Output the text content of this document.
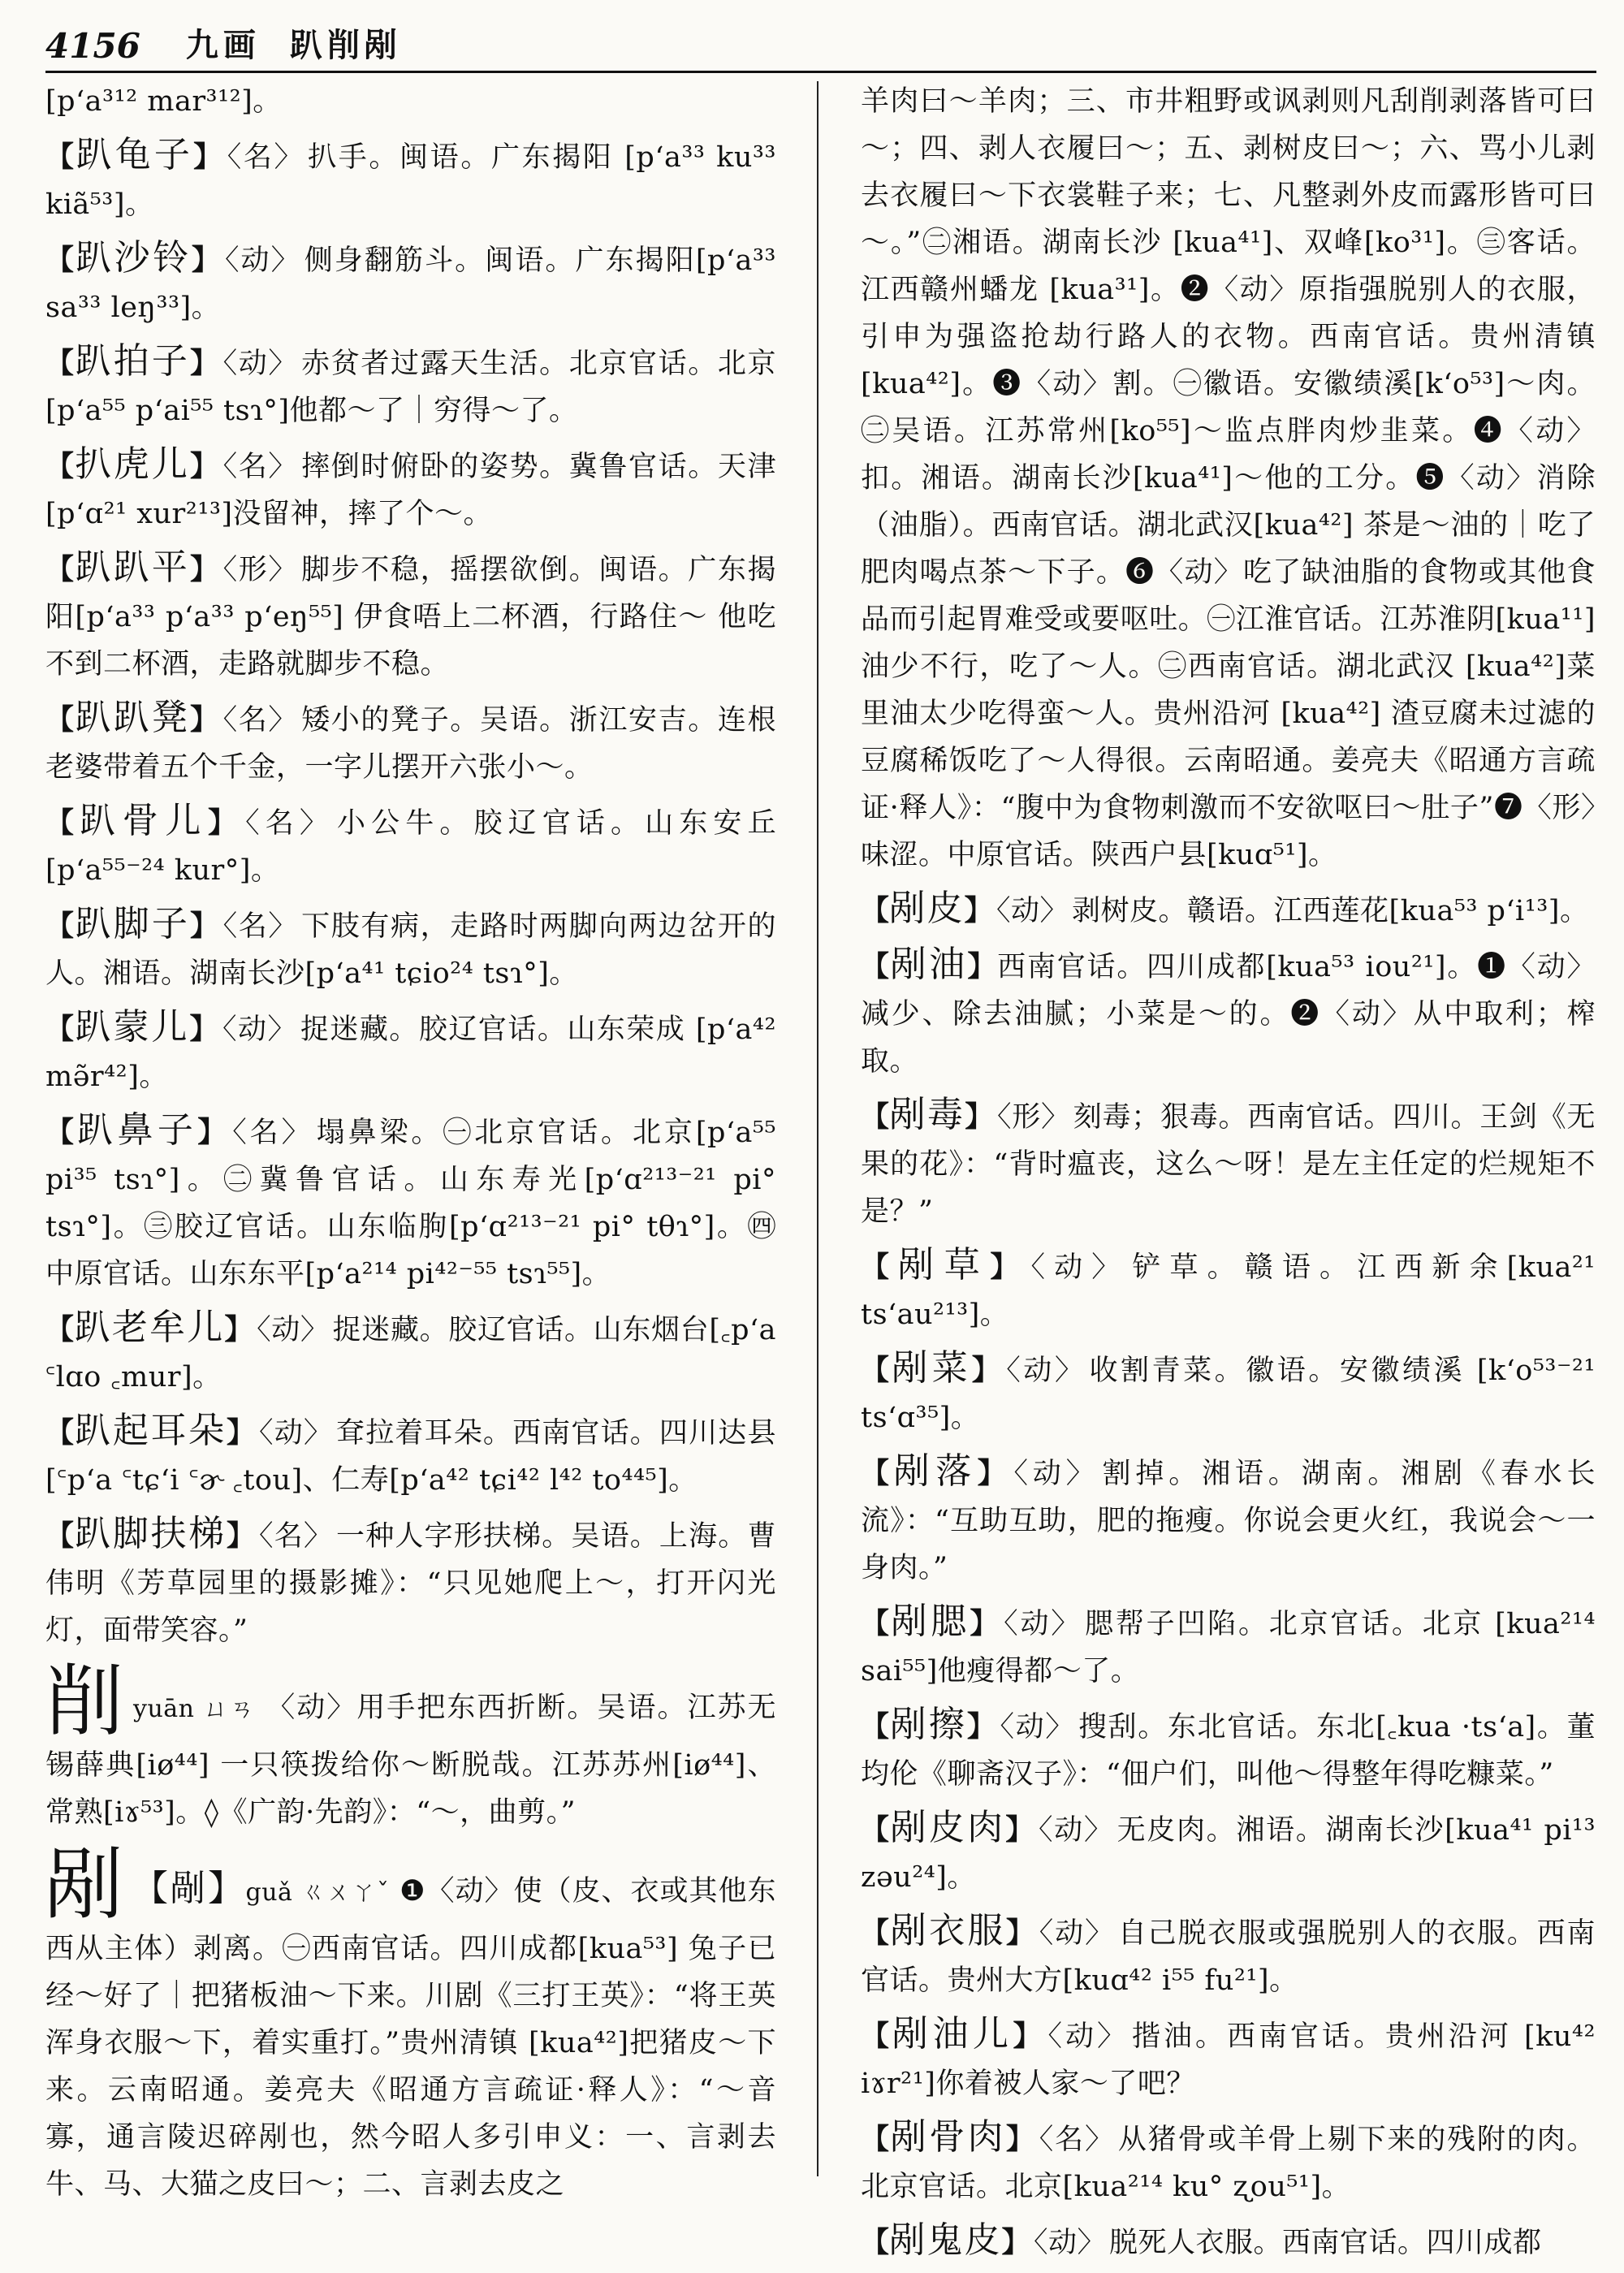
4156 九画 趴削剐

[p‘a³¹² mar³¹²]。

【趴龟子】 〈名〉 扒手。闽语。广东揭阳 [p‘a³³ ku³³ kiã⁵³]。

【趴沙铃】 〈动〉 侧身翻筋斗。闽语。广东揭阳[p‘a³³ sa³³ leŋ³³]。

【趴拍子】 〈动〉 赤贫者过露天生活。北京官话。北京[p‘a⁵⁵ p‘ai⁵⁵ tsɿ°]他都～了｜穷得～了。

【扒虎儿】 〈名〉 摔倒时俯卧的姿势。冀鲁官话。天津[p‘ɑ²¹ xur²¹³]没留神，摔了个～。

【趴趴平】 〈形〉 脚步不稳，摇摆欲倒。闽语。广东揭阳[p‘a³³ p‘a³³ p‘eŋ⁵⁵] 伊食唔上二杯酒，行路住～ 他吃不到二杯酒，走路就脚步不稳。

【趴趴凳】 〈名〉 矮小的凳子。吴语。浙江安吉。连根老婆带着五个千金，一字儿摆开六张小～。

【趴骨儿】 〈名〉 小公牛。胶辽官话。山东安丘[p‘a⁵⁵⁻²⁴ kur°]。

【趴脚子】 〈名〉 下肢有病，走路时两脚向两边岔开的人。湘语。湖南长沙[p‘a⁴¹ tɕio²⁴ tsɿ°]。

【趴蒙儿】 〈动〉 捉迷藏。胶辽官话。山东荣成 [p‘a⁴² mə̃r⁴²]。

【趴鼻子】 〈名〉 塌鼻梁。㊀北京官话。北京[p‘a⁵⁵ pi³⁵ tsɿ°]。㊁冀鲁官话。山东寿光[p‘ɑ²¹³⁻²¹ pi° tsɿ°]。㊂胶辽官话。山东临朐[p‘ɑ²¹³⁻²¹ pi° tθɿ°]。㊃中原官话。山东东平[p‘a²¹⁴ pi⁴²⁻⁵⁵ tsɿ⁵⁵]。

【趴老牟儿】 〈动〉 捉迷藏。胶辽官话。山东烟台[꜀p‘a ꜂lɑo ꜀mur]。

【趴起耳朵】 〈动〉 耷拉着耳朵。西南官话。四川达县[꜂p‘a ꜂tɕ‘i ꜂ɚ ꜀tou]、仁寿[p‘a⁴² tɕi⁴² l⁴² to⁴⁴⁵]。

【趴脚扶梯】 〈名〉 一种人字形扶梯。吴语。上海。曹伟明《芳草园里的摄影摊》：“只见她爬上～，打开闪光灯，面带笑容。”

削yuān ㄩㄢ 〈动〉用手把东西折断。吴语。江苏无锡薛典[iø⁴⁴] 一只筷拨给你～断脱哉。江苏苏州[iø⁴⁴]、常熟[iɤ⁵³]。◊《广韵·先韵》：“～，曲剪。”

剐 【剮】guǎ ㄍㄨㄚˇ ❶〈动〉使（皮、衣或其他东西从主体）剥离。㊀西南官话。四川成都[kua⁵³] 兔子已经～好了｜把猪板油～下来。川剧《三打王英》：“将王英浑身衣服～下，着实重打。”贵州清镇 [kua⁴²]把猪皮～下来。云南昭通。姜亮夫《昭通方言疏证·释人》：“～音寡，通言陵迟碎剐也，然今昭人多引申义：一、言剥去牛、马、大猫之皮曰～；二、言剥去皮之

羊肉曰～羊肉；三、市井粗野或讽剥则凡刮削剥落皆可曰～；四、剥人衣履曰～；五、剥树皮曰～；六、骂小儿剥去衣履曰～下衣裳鞋子来；七、凡整剥外皮而露形皆可曰～。”㊁湘语。湖南长沙 [kua⁴¹]、双峰[ko³¹]。㊂客话。江西赣州蟠龙 [kua³¹]。❷〈动〉原指强脱别人的衣服，引申为强盗抢劫行路人的衣物。西南官话。贵州清镇[kua⁴²]。❸〈动〉割。㊀徽语。安徽绩溪[k‘o⁵³]～肉。㊁吴语。江苏常州[ko⁵⁵]～监点胖肉炒韭菜。❹〈动〉扣。湘语。湖南长沙[kua⁴¹]～他的工分。❺〈动〉消除（油脂）。西南官话。湖北武汉[kua⁴²] 茶是～油的｜吃了肥肉喝点茶～下子。❻〈动〉吃了缺油脂的食物或其他食品而引起胃难受或要呕吐。㊀江淮官话。江苏淮阴[kua¹¹] 油少不行，吃了～人。㊁西南官话。湖北武汉 [kua⁴²]菜里油太少吃得蛮～人。贵州沿河 [kua⁴²] 渣豆腐未过滤的豆腐稀饭吃了～人得很。云南昭通。姜亮夫《昭通方言疏证·释人》：“腹中为食物刺激而不安欲呕曰～肚子”❼〈形〉味涩。中原官话。陕西户县[kuɑ⁵¹]。

【剐皮】 〈动〉 剥树皮。赣语。江西莲花[kua⁵³ p‘i¹³]。

【剐油】西南官话。四川成都[kua⁵³ iou²¹]。❶〈动〉减少、除去油腻；小菜是～的。❷〈动〉从中取利；榨取。

【剐毒】 〈形〉 刻毒；狠毒。西南官话。四川。王剑《无果的花》：“背时瘟丧，这么～呀！是左主任定的烂规矩不是？”

【剐草】 〈动〉 铲草。赣语。江西新余[kua²¹ ts‘au²¹³]。

【剐菜】 〈动〉 收割青菜。徽语。安徽绩溪 [k‘o⁵³⁻²¹ ts‘ɑ³⁵]。

【剐落】 〈动〉 割掉。湘语。湖南。湘剧《春水长流》：“互助互助，肥的拖瘦。你说会更火红，我说会～一身肉。”

【剐腮】 〈动〉 腮帮子凹陷。北京官话。北京 [kua²¹⁴ sai⁵⁵]他瘦得都～了。

【剐擦】 〈动〉 搜刮。东北官话。东北[꜀kua ·ts‘a]。董均伦《聊斋汉子》：“佃户们，叫他～得整年得吃糠菜。”

【剐皮肉】 〈动〉 无皮肉。湘语。湖南长沙[kua⁴¹ pi¹³ zəu²⁴]。

【剐衣服】 〈动〉 自己脱衣服或强脱别人的衣服。西南官话。贵州大方[kuɑ⁴² i⁵⁵ fu²¹]。

【剐油儿】 〈动〉 揩油。西南官话。贵州沿河 [ku⁴² iɤr²¹]你着被人家～了吧？

【剐骨肉】 〈名〉 从猪骨或羊骨上剔下来的残附的肉。北京官话。北京[kua²¹⁴ ku° ʐou⁵¹]。

【剐鬼皮】 〈动〉 脱死人衣服。西南官话。四川成都
